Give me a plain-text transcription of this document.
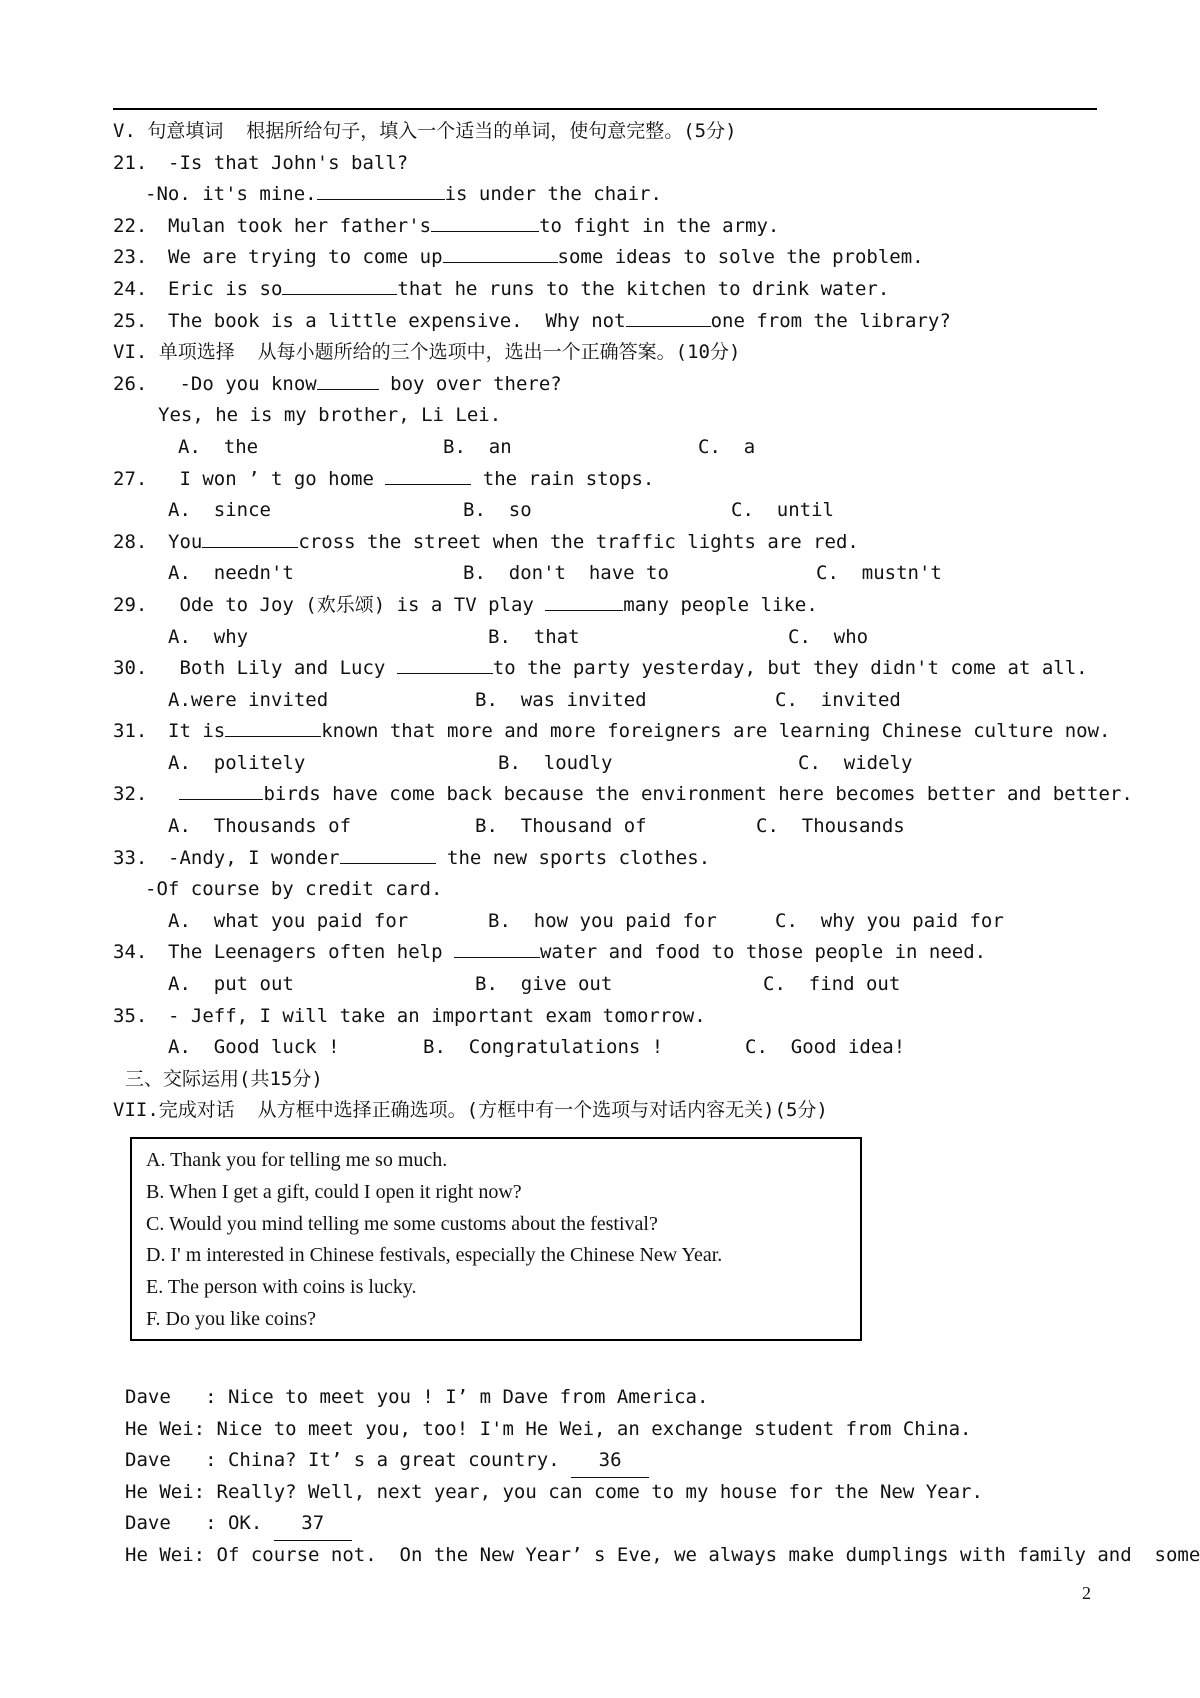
V. 句意填词  根据所给句子，填入一个适当的单词，使句意完整。(5分)
21. -Is that John's ball?
-No. it's mine.	is under the chair.
22. Mulan took her father's	to fight in the army.
23. We are trying to come up	some ideas to solve the problem.
24. Eric is so	that he runs to the kitchen to drink water.
25. The book is a little expensive.  Why not	one from the library?
VI. 单项选择  从每小题所给的三个选项中，选出一个正确答案。(10分)
26. -Do you know	boy over there?
Yes, he is my brother, Li Lei.

A.  the

	B.  an

	C.  a

27. I won ’ t go home	the rain stops.

A.  since

	B.  so

	C.  until

28. You	cross the street when the traffic lights are red.

A.  needn't

	B.  don't  have to

	C.  mustn't

29. Ode to Joy (欢乐颂) is a TV play	many people like.

A.  why

	B.  that

	C.  who

30. Both Lily and Lucy	to the party yesterday, but they didn't come at all.

A.were invited

	B.  was invited

	C.  invited

31. It is	known that more and more foreigners are learning Chinese culture now.

A.  politely

	B.  loudly

	C.  widely

32.	birds have come back because the environment here becomes better and better.

A.  Thousands of

	B.  Thousand of

	C.  Thousands

33. -Andy, I wonder	the new sports clothes.
-Of course by credit card.

A.  what you paid for

	B.  how you paid for

	C.  why you paid for

34. The Leenagers often help	water and food to those people in need.

A.  put out

	B.  give out

	C.  find out

35. - Jeff, I will take an important exam tomorrow.

A.  Good luck !

	B.  Congratulations !

	C.  Good idea!

三、交际运用(共15分)
VII.完成对话  从方框中选择正确选项。(方框中有一个选项与对话内容无关)(5分)
A. Thank you for telling me so much.
B. When I get a gift, could I open it right now?
C. Would you mind telling me some customs about the festival?
D. I' m interested in Chinese festivals, especially the Chinese New Year.
E. The person with coins is lucky.
F. Do you like coins?
Dave   : Nice to meet you ! I’ m Dave from America.
He Wei: Nice to meet you, too! I'm He Wei, an exchange student from China.
Dave   : China? It’ s a great country. 36
He Wei: Really? Well, next year, you can come to my house for the New Year.
Dave   : OK. 37
He Wei: Of course not.  On the New Year’ s Eve, we always make dumplings with family and  some
2
